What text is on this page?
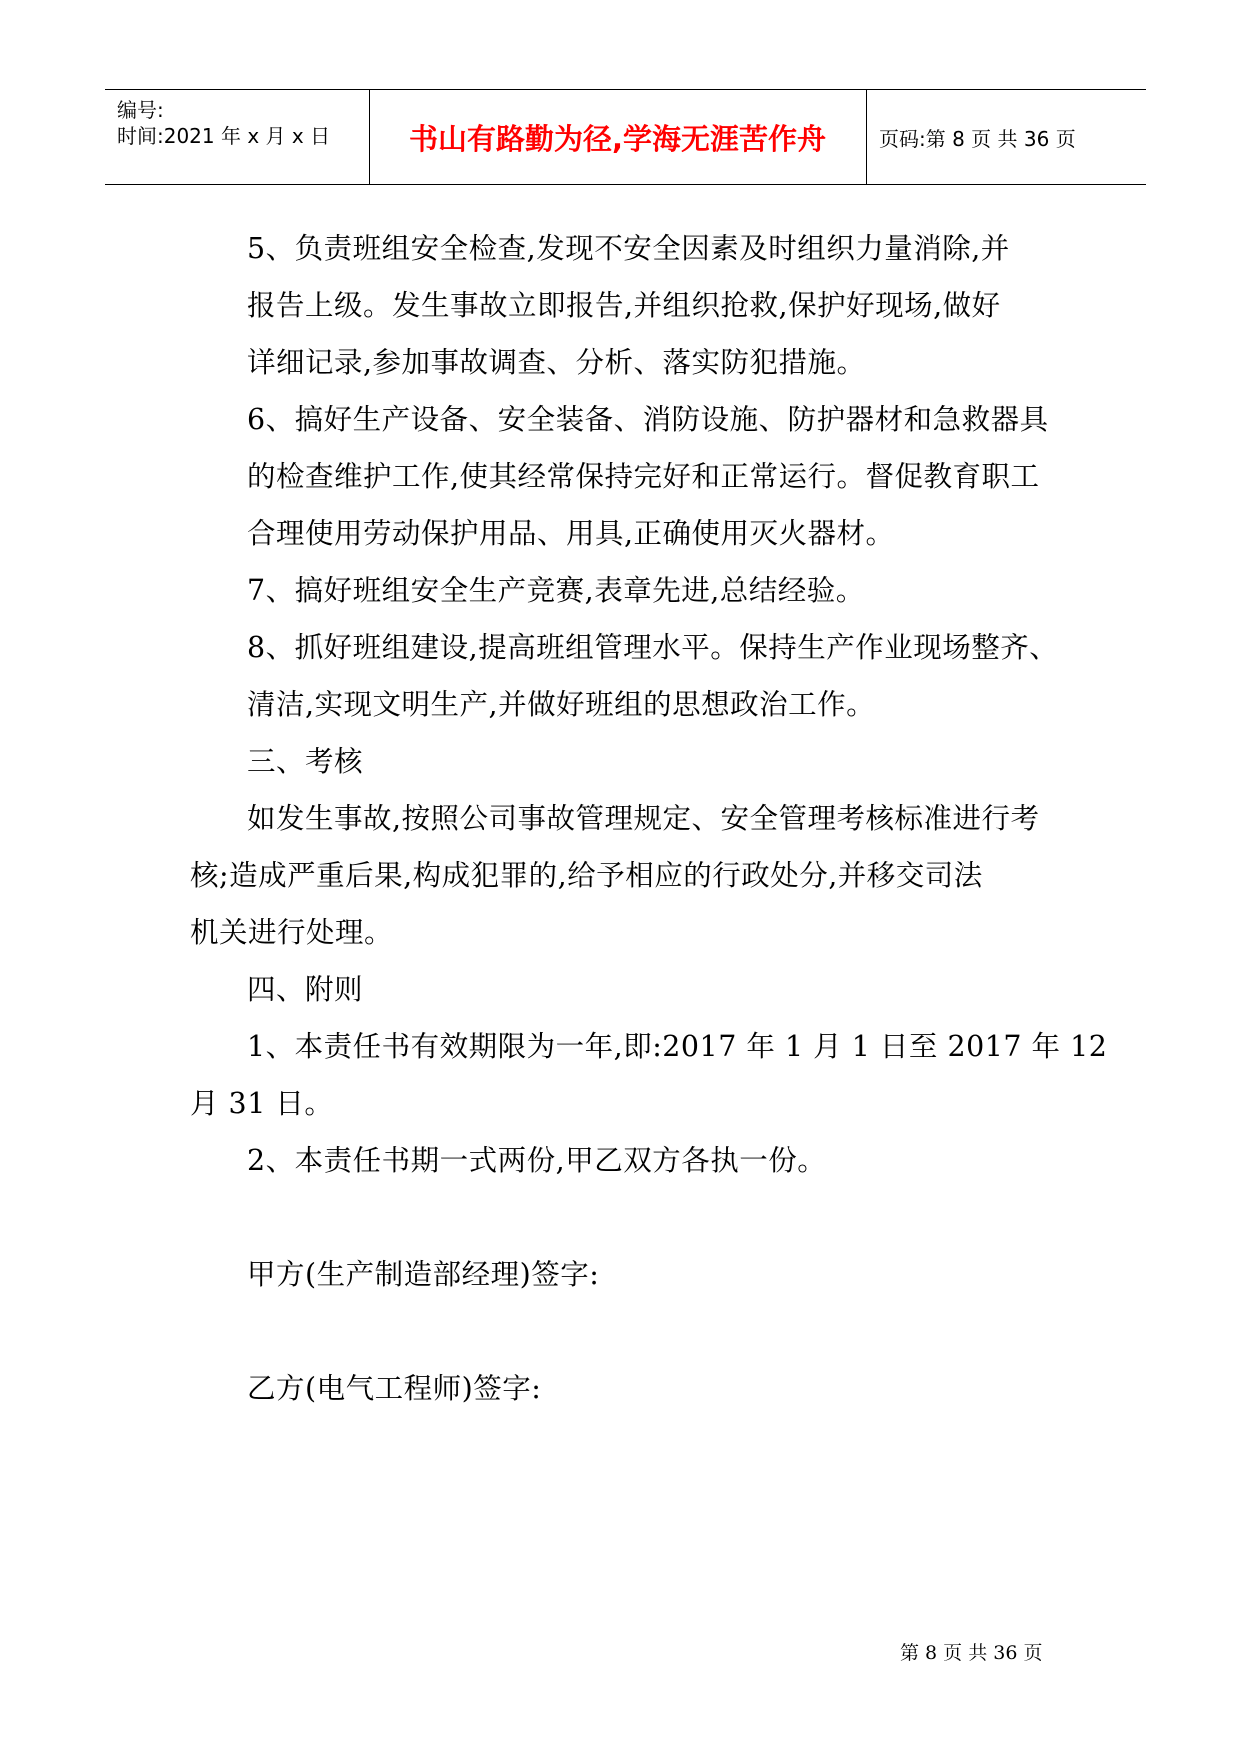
编号:
时间:2021 年 x 月 x 日	书山有路勤为径,学海无涯苦作舟	页码:第 8 页 共 36 页

5、负责班组安全检查,发现不安全因素及时组织力量消除,并

报告上级。发生事故立即报告,并组织抢救,保护好现场,做好

详细记录,参加事故调查、分析、落实防犯措施。

6、搞好生产设备、安全装备、消防设施、防护器材和急救器具

的检查维护工作,使其经常保持完好和正常运行。督促教育职工

合理使用劳动保护用品、用具,正确使用灭火器材。

7、搞好班组安全生产竞赛,表章先进,总结经验。

8、抓好班组建设,提高班组管理水平。保持生产作业现场整齐、

清洁,实现文明生产,并做好班组的思想政治工作。

三、考核

如发生事故,按照公司事故管理规定、安全管理考核标准进行考

核;造成严重后果,构成犯罪的,给予相应的行政处分,并移交司法

机关进行处理。

四、附则

1、本责任书有效期限为一年,即:2017 年 1 月 1 日至 2017 年 12

月 31 日。

2、本责任书期一式两份,甲乙双方各执一份。

甲方(生产制造部经理)签字:

乙方(电气工程师)签字:

第 8 页 共 36 页
